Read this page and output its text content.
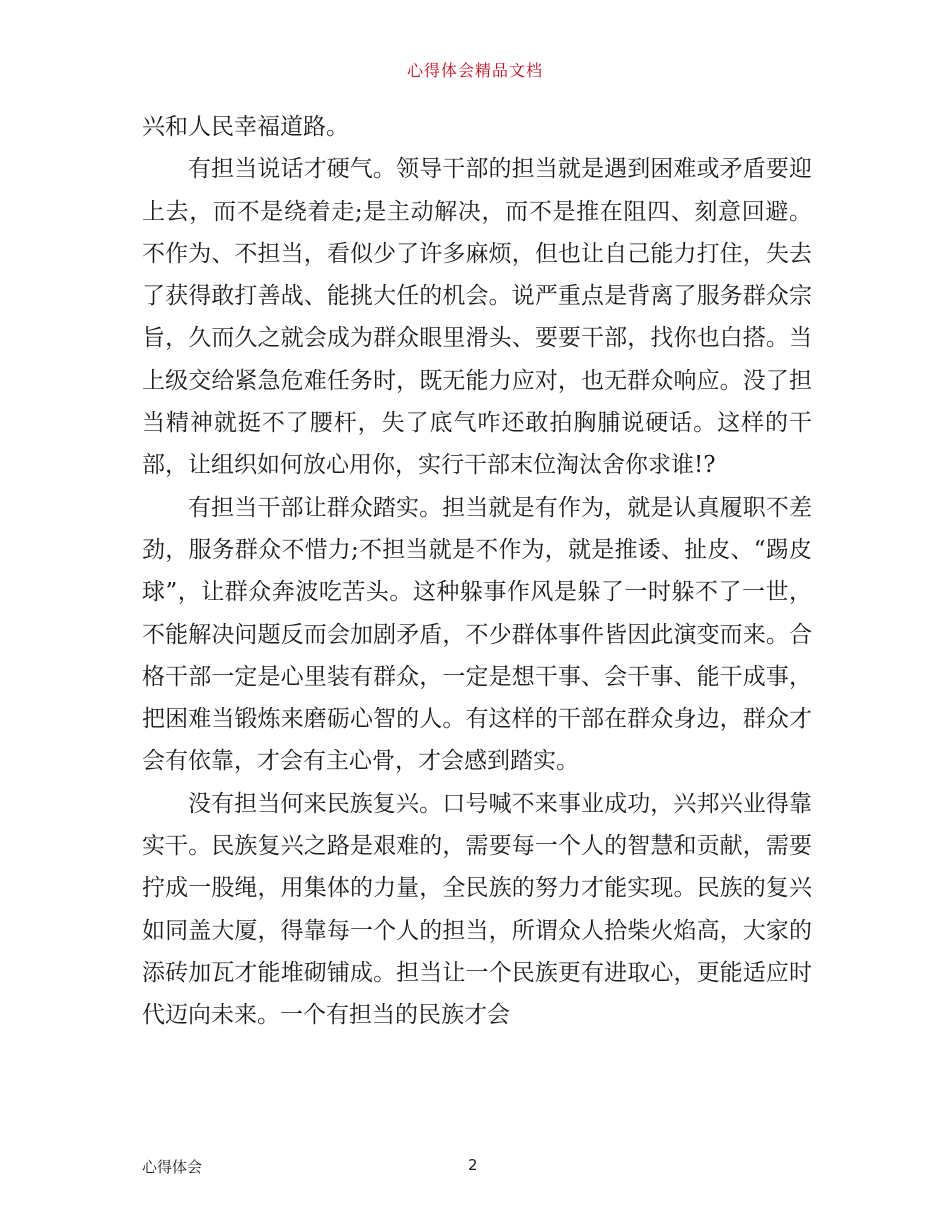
心得体会精品文档

兴和人民幸福道路。

有担当说话才硬气。领导干部的担当就是遇到困难或矛盾要迎上去，而不是绕着走;是主动解决，而不是推在阻四、刻意回避。不作为、不担当，看似少了许多麻烦，但也让自己能力打住，失去了获得敢打善战、能挑大任的机会。说严重点是背离了服务群众宗旨，久而久之就会成为群众眼里滑头、要要干部，找你也白搭。当上级交给紧急危难任务时，既无能力应对，也无群众响应。没了担当精神就挺不了腰杆，失了底气咋还敢拍胸脯说硬话。这样的干部，让组织如何放心用你，实行干部末位淘汰舍你求谁!?

有担当干部让群众踏实。担当就是有作为，就是认真履职不差劲，服务群众不惜力;不担当就是不作为，就是推诿、扯皮、“踢皮球”，让群众奔波吃苦头。这种躲事作风是躲了一时躲不了一世，不能解决问题反而会加剧矛盾，不少群体事件皆因此演变而来。合格干部一定是心里装有群众，一定是想干事、会干事、能干成事，把困难当锻炼来磨砺心智的人。有这样的干部在群众身边，群众才会有依靠，才会有主心骨，才会感到踏实。

没有担当何来民族复兴。口号喊不来事业成功，兴邦兴业得靠实干。民族复兴之路是艰难的，需要每一个人的智慧和贡献，需要拧成一股绳，用集体的力量，全民族的努力才能实现。民族的复兴如同盖大厦，得靠每一个人的担当，所谓众人拾柴火焰高，大家的添砖加瓦才能堆砌铺成。担当让一个民族更有进取心，更能适应时代迈向未来。一个有担当的民族才会

心得体会	2
